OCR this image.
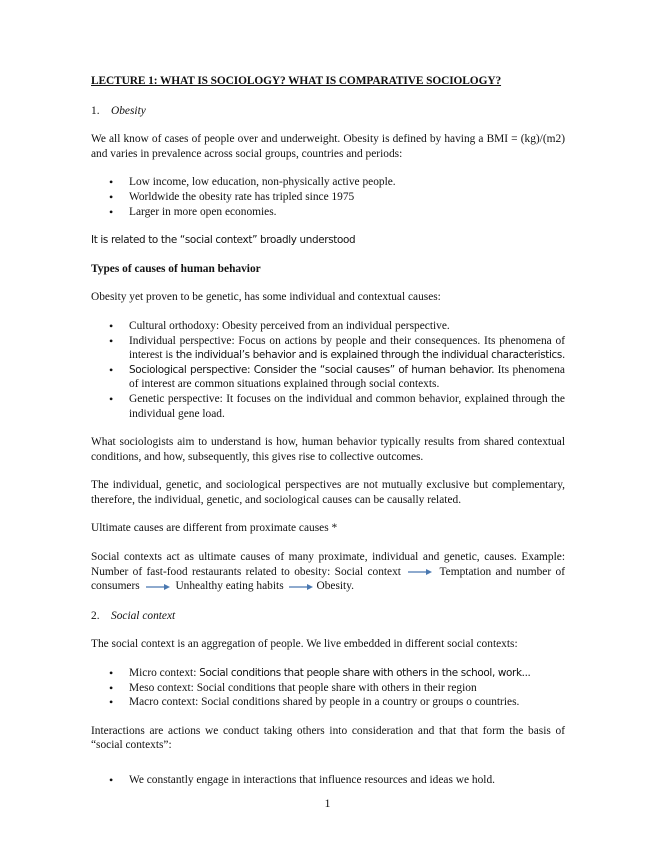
LECTURE 1: WHAT IS SOCIOLOGY? WHAT IS COMPARATIVE SOCIOLOGY?
1. Obesity

We all know of cases of people over and underweight. Obesity is defined by having a BMI = (kg)/(m2) and varies in prevalence across social groups, countries and periods:

• Low income, low education, non-physically active people.
• Worldwide the obesity rate has tripled since 1975
• Larger in more open economies.

It is related to the “social context” broadly understood

Types of causes of human behavior

Obesity yet proven to be genetic, has some individual and contextual causes:

• Cultural orthodoxy: Obesity perceived from an individual perspective.
• Individual perspective: Focus on actions by people and their consequences. Its phenomena of interest is the individual’s behavior and is explained through the individual characteristics.
• Sociological perspective: Consider the “social causes” of human behavior. Its phenomena of interest are common situations explained through social contexts.
• Genetic perspective: It focuses on the individual and common behavior, explained through the individual gene load.

What sociologists aim to understand is how, human behavior typically results from shared contextual conditions, and how, subsequently, this gives rise to collective outcomes.

The individual, genetic, and sociological perspectives are not mutually exclusive but complementary, therefore, the individual, genetic, and sociological causes can be causally related.

Ultimate causes are different from proximate causes *

Social contexts act as ultimate causes of many proximate, individual and genetic, causes. Example: Number of fast-food restaurants related to obesity: Social context	Temptation and number of consumers	Unhealthy eating habits	Obesity.

2. Social context

The social context is an aggregation of people. We live embedded in different social contexts:

• Micro context: Social conditions that people share with others in the school, work...
• Meso context: Social conditions that people share with others in their region
• Macro context: Social conditions shared by people in a country or groups o countries.

Interactions are actions we conduct taking others into consideration and that that form the basis of “social contexts”:

• We constantly engage in interactions that influence resources and ideas we hold.
1
